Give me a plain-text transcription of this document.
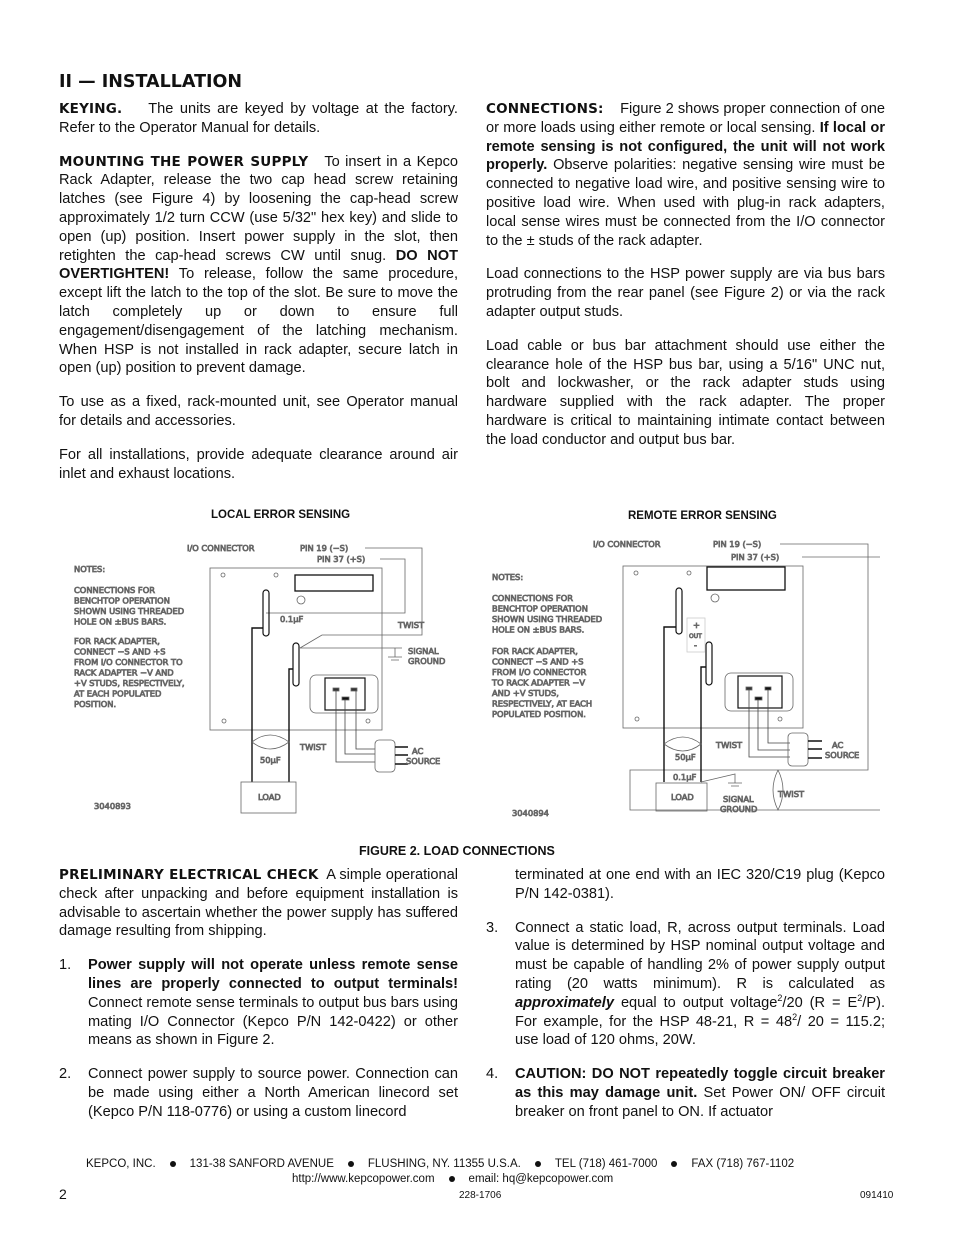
II — INSTALLATION

KEYING. The units are keyed by voltage at the factory. Refer to the Operator Manual for details.

MOUNTING THE POWER SUPPLY To insert in a Kepco Rack Adapter, release the two cap head screw retaining latches (see Figure 4) by loosening the cap-head screw approximately 1/2 turn CCW (use 5/32" hex key) and slide to open (up) position. Insert power supply in the slot, then retighten the cap-head screws CW until snug. DO NOT OVERTIGHTEN! To release, follow the same procedure, except lift the latch to the top of the slot. Be sure to move the latch completely up or down to ensure full engagement/disengagement of the latching mechanism. When HSP is not installed in rack adapter, secure latch in open (up) position to prevent damage.

To use as a fixed, rack-mounted unit, see Operator manual for details and accessories.

For all installations, provide adequate clearance around air inlet and exhaust locations.

CONNECTIONS: Figure 2 shows proper connection of one or more loads using either remote or local sensing. If local or remote sensing is not configured, the unit will not work properly. Observe polarities: negative sensing wire must be connected to negative load wire, and positive sensing wire to positive load wire. When used with plug-in rack adapters, local sense wires must be connected from the I/O connector to the ± studs of the rack adapter.

Load connections to the HSP power supply are via bus bars protruding from the rear panel (see Figure 2) or via the rack adapter output studs.

Load cable or bus bar attachment should use either the clearance hole of the HSP bus bar, using a 5/16" UNC nut, bolt and lockwasher, or the rack adapter studs using hardware supplied with the rack adapter. The proper hardware is critical to maintaining intimate contact between the load conductor and output bus bar.

LOCAL ERROR SENSING	REMOTE ERROR SENSING
NOTES:
CONNECTIONS FOR
BENCHTOP OPERATION
SHOWN USING THREADED
HOLE ON ±BUS BARS.
FOR RACK ADAPTER,
CONNECT −S AND +S
FROM I/O CONNECTOR TO
RACK ADAPTER −V AND
+V STUDS, RESPECTIVELY,
AT EACH POPULATED
POSITION.
I/O CONNECTOR	PIN 19 (−S)
PIN 37 (+S)
0.1µF
TWIST
SIGNAL
GROUND
AC
SOURCE
TWIST
50µF
LOAD
3040893
NOTES:
CONNECTIONS FOR
BENCHTOP OPERATION
SHOWN USING THREADED
HOLE ON ±BUS BARS.
FOR RACK ADAPTER,
CONNECT −S AND +S
FROM I/O CONNECTOR
TO RACK ADAPTER −V
AND +V STUDS,
RESPECTIVELY, AT EACH
POPULATED POSITION.
I/O CONNECTOR	PIN 19 (−S)
PIN 37 (+S)
+
OUT
-
AC
SOURCE
TWIST
50µF
0.1µF
LOAD	SIGNAL
GROUND
TWIST
3040894
FIGURE 2. LOAD CONNECTIONS

PRELIMINARY ELECTRICAL CHECK A simple operational check after unpacking and before equipment installation is advisable to ascertain whether the power supply has suffered damage resulting from shipping.

1. Power supply will not operate unless remote sense lines are properly connected to output terminals! Connect remote sense terminals to output bus bars using mating I/O Connector (Kepco P/N 142-0422) or other means as shown in Figure 2.
2. Connect power supply to source power. Connection can be made using either a North American linecord set (Kepco P/N 118-0776) or using a custom linecord

terminated at one end with an IEC 320/C19 plug (Kepco P/N 142-0381).

3. Connect a static load, R, across output terminals. Load value is determined by HSP nominal output voltage and must be capable of handling 2% of power supply output rating (20 watts minimum). R is calculated as approximately equal to output voltage$^2$/20 $(R = E^2/P)$. For example, for the HSP 48-21, $R = 48^2/$ 20 = 115.2; use load of 120 ohms, 20W.
4. CAUTION: DO NOT repeatedly toggle circuit breaker as this may damage unit. Set Power ON/ OFF circuit breaker on front panel to ON. If actuator
KEPCO, INC.	131-38 SANFORD AVENUE	FLUSHING, NY. 11355 U.S.A.	TEL (718) 461-7000	FAX (718) 767-1102
http://www.kepcopower.com	email: hq@kepcopower.com
228-1706
2	091410
